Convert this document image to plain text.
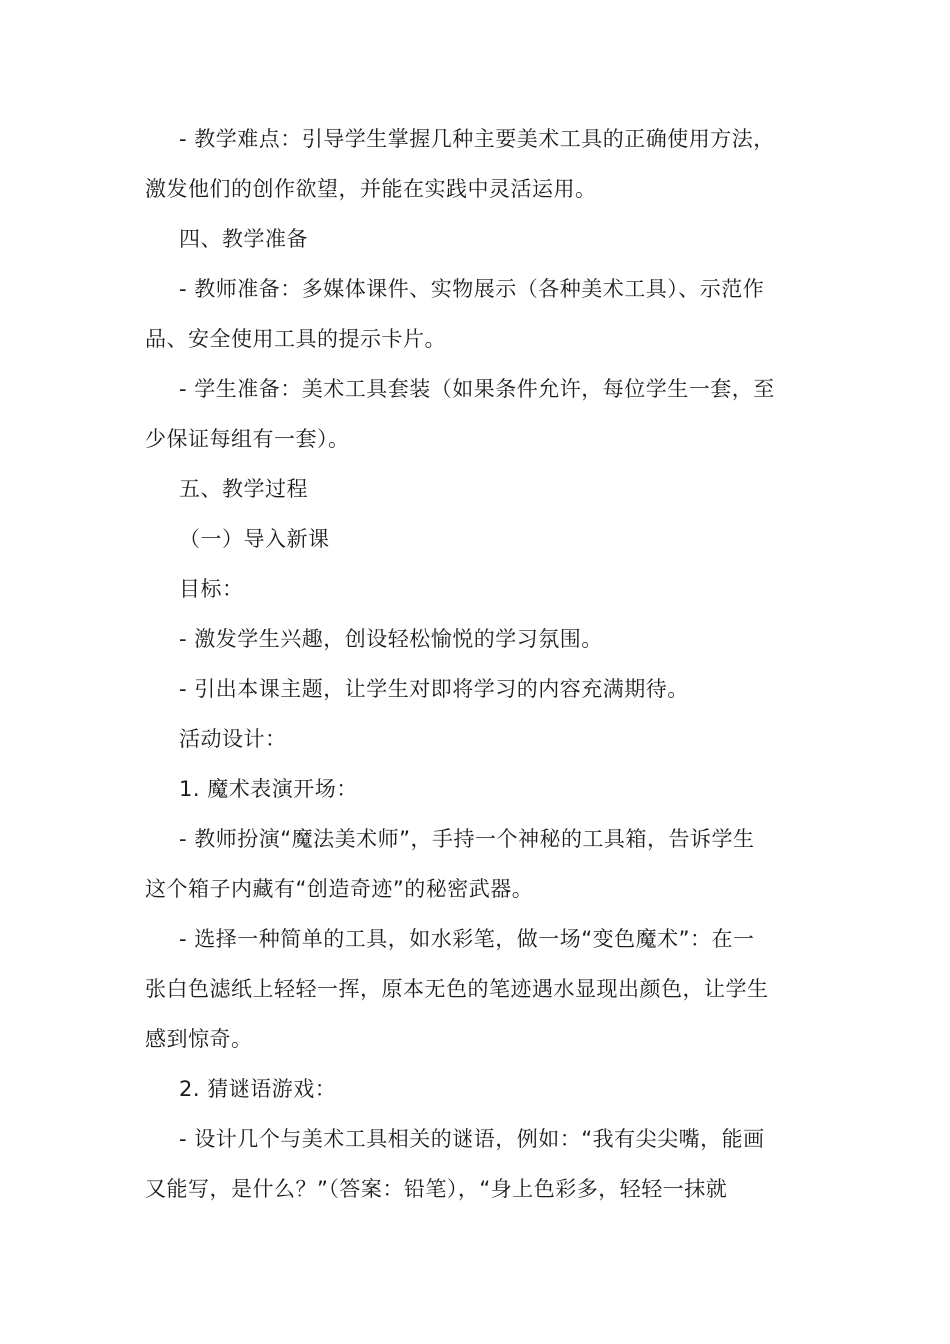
- 教学难点：引导学生掌握几种主要美术工具的正确使用方法，
激发他们的创作欲望，并能在实践中灵活运用。

四、教学准备

- 教师准备：多媒体课件、实物展示（各种美术工具）、示范作
品、安全使用工具的提示卡片。

- 学生准备：美术工具套装（如果条件允许，每位学生一套，至
少保证每组有一套）。

五、教学过程

（一）导入新课

目标：

- 激发学生兴趣，创设轻松愉悦的学习氛围。

- 引出本课主题，让学生对即将学习的内容充满期待。

活动设计：

1. 魔术表演开场：

- 教师扮演“魔法美术师”，手持一个神秘的工具箱，告诉学生
这个箱子内藏有“创造奇迹”的秘密武器。

- 选择一种简单的工具，如水彩笔，做一场“变色魔术”：在一
张白色滤纸上轻轻一挥，原本无色的笔迹遇水显现出颜色，让学生
感到惊奇。

2. 猜谜语游戏：

- 设计几个与美术工具相关的谜语，例如：“我有尖尖嘴，能画
又能写，是什么？”（答案：铅笔），“身上色彩多，轻轻一抹就
